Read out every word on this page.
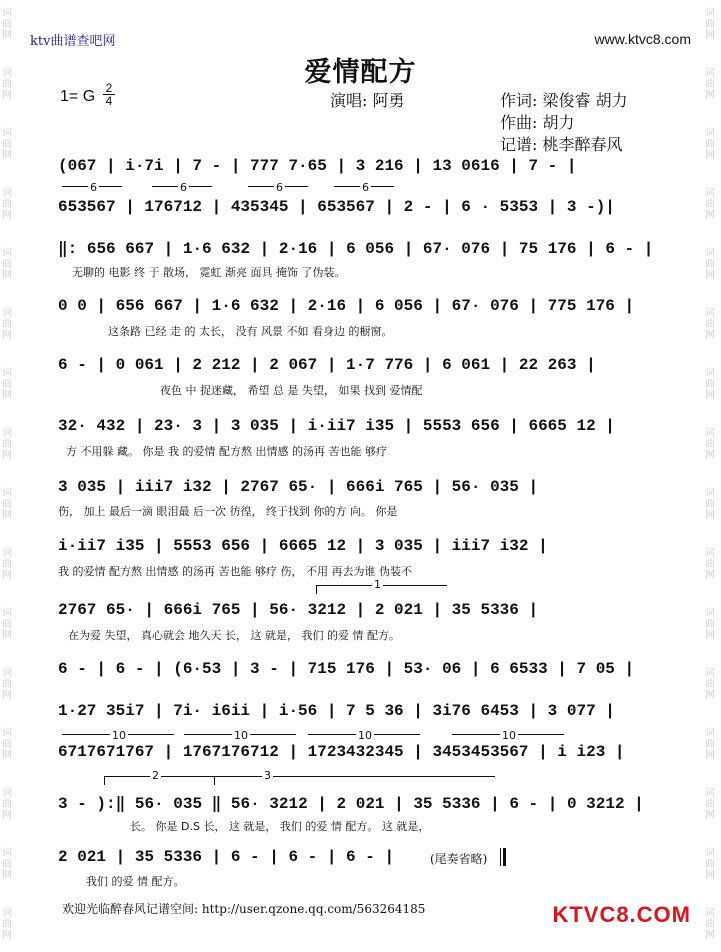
词曲网
词曲网
词曲网
词曲网
词曲网
词曲网
词曲网
词曲网
词曲网
词曲网
词曲网
词曲网
词曲网
词曲网
词曲网
词曲网
词曲网
词曲网
词曲网
词曲网
词曲网
词曲网
词曲网
词曲网
词曲网
词曲网
词曲网
词曲网
词曲网
词曲网
词曲网
词曲网
ktv曲谱查吧网	www.ktvc8.com
爱情配方
1= G 2
4	演唱: 阿勇	作词: 梁俊睿 胡力
作曲: 胡力
记谱: 桃李醉春风
(067 | i·7i | 7 - | 777 7·65 | 3 216 | 13 0616 | 7 - |
6	6	6	6
653567 | 176712 | 435345 | 653567 | 2 - | 6 · 5353 | 3 -)|
‖: 656 667 | 1·6 632 | 2·16 | 6 056 | 67· 076 | 75 176 | 6 - |
无聊的 电影 终 于 散场， 霓虹 渐亮 面具 掩饰 了伪装。
0 0 | 656 667 | 1·6 632 | 2·16 | 6 056 | 67· 076 | 775 176 |
这条路 已经 走 的 太长， 没有 风景 不如 看身边 的橱窗。
6 - | 0 061 | 2 212 | 2 067 | 1·7 776 | 6 061 | 22 263 |
夜色 中 捉迷藏， 希望 总 是 失望， 如果 找到 爱情配
32· 432 | 23· 3 | 3 035 | i·ii7 i35 | 5553 656 | 6665 12 |
方 不用躲 藏。 你是 我 的爱情 配方熬 出情感 的汤再 苦也能 够疗
3 035 | iii7 i32 | 2767 65· | 666i 765 | 56· 035 |
伤， 加上 最后一滴 眼泪最 后一次 彷徨， 终于找到 你的方 向。 你是
i·ii7 i35 | 5553 656 | 6665 12 | 3 035 | iii7 i32 |
我 的爱情 配方熬 出情感 的汤再 苦也能 够疗 伤， 不用 再去为谁 伪装不
1
2767 65· | 666i 765 | 56· 3212 | 2 021 | 35 5336 |
在为爱 失望， 真心就会 地久天 长， 这 就是， 我们 的爱 情 配方。
6 - | 6 - | (6·53 | 3 - | 715 176 | 53· 06 | 6 6533 | 7 05 |
1·27 35i7 | 7i· i6ii | i·56 | 7 5 36 | 3i76 6453 | 3 077 |
10	10	10	10
6717671767 | 1767176712 | 1723432345 | 3453453567 | i i23 |
2	3
3 - ):‖ 56· 035 ‖ 56· 3212 | 2 021 | 35 5336 | 6 - | 0 3212 |
长。 你是 D.S 长， 这 就是， 我们 的爱 情 配方。 这 就是，
2 021 | 35 5336 | 6 - | 6 - | 6 - |	(尾奏省略)
我们 的爱 情 配方。
欢迎光临醉春风记谱空间: http://user.qzone.qq.com/563264185	KTVC8.COM
